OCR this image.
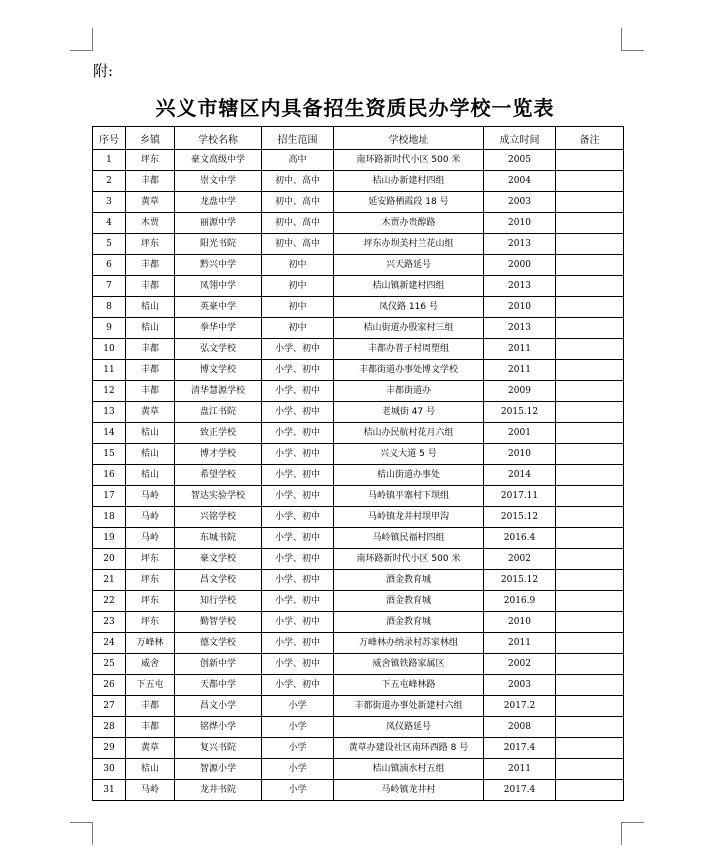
附:
兴义市辖区内具备招生资质民办学校一览表
序号	乡镇	学校名称	招生范围	学校地址	成立时间	备注
1	坪东	豪文高级中学	高中	南环路新时代小区 500 米	2005	
2	丰都	崇文中学	初中、高中	桔山办新建村四组	2004	
3	黄草	龙盘中学	初中、高中	延安路栖霞段 18 号	2003	
4	木贾	丽源中学	初中、高中	木贾办贵醇路	2010	
5	坪东	阳光书院	初中、高中	坪东办坝美村兰花山组	2013	
6	丰都	黔兴中学	初中	兴天路延号	2000	
7	丰都	凤翎中学	初中	桔山镇新建村四组	2013	
8	桔山	英豪中学	初中	凤仪路 116 号	2010	
9	桔山	拳华中学	初中	桔山街道办殷家村三组	2013	
10	丰都	弘文学校	小学、初中	丰都办普子村周塑组	2011	
11	丰都	博文学校	小学、初中	丰都街道办事处博文学校	2011	
12	丰都	清华慧源学校	小学、初中	丰都街道办	2009	
13	黄草	盘江书院	小学、初中	老城街 47 号	2015.12	
14	桔山	致正学校	小学、初中	桔山办民航村花月六组	2001	
15	桔山	博才学校	小学、初中	兴义大道 5 号	2010	
16	桔山	希望学校	小学、初中	桔山街道办事处	2014	
17	马岭	智达实验学校	小学、初中	马岭镇平寨村下坝组	2017.11	
18	马岭	兴铭学校	小学、初中	马岭镇龙井村坝甲沟	2015.12	
19	马岭	东城书院	小学、初中	马岭镇民福村四组	2016.4	
20	坪东	豪文学校	小学、初中	南环路新时代小区 500 米	2002	
21	坪东	昌文学校	小学、初中	酒金教育城	2015.12	
22	坪东	知行学校	小学、初中	酒金教育城	2016.9	
23	坪东	勤智学校	小学、初中	酒金教育城	2010	
24	万峰林	德文学校	小学、初中	万峰林办纳录村苏家林组	2011	
25	威舍	创新中学	小学、初中	威舍镇铁路家属区	2002	
26	下五屯	天都中学	小学、初中	下五屯峰林路	2003	
27	丰都	昌文小学	小学	丰都街道办事处新建村六组	2017.2	
28	丰都	铭烨小学	小学	凤仪路延号	2008	
29	黄草	复兴书院	小学	黄草办建设社区南环西路 8 号	2017.4	
30	桔山	智源小学	小学	桔山镇湳水村五组	2011	
31	马岭	龙井书院	小学	马岭镇龙井村	2017.4	
